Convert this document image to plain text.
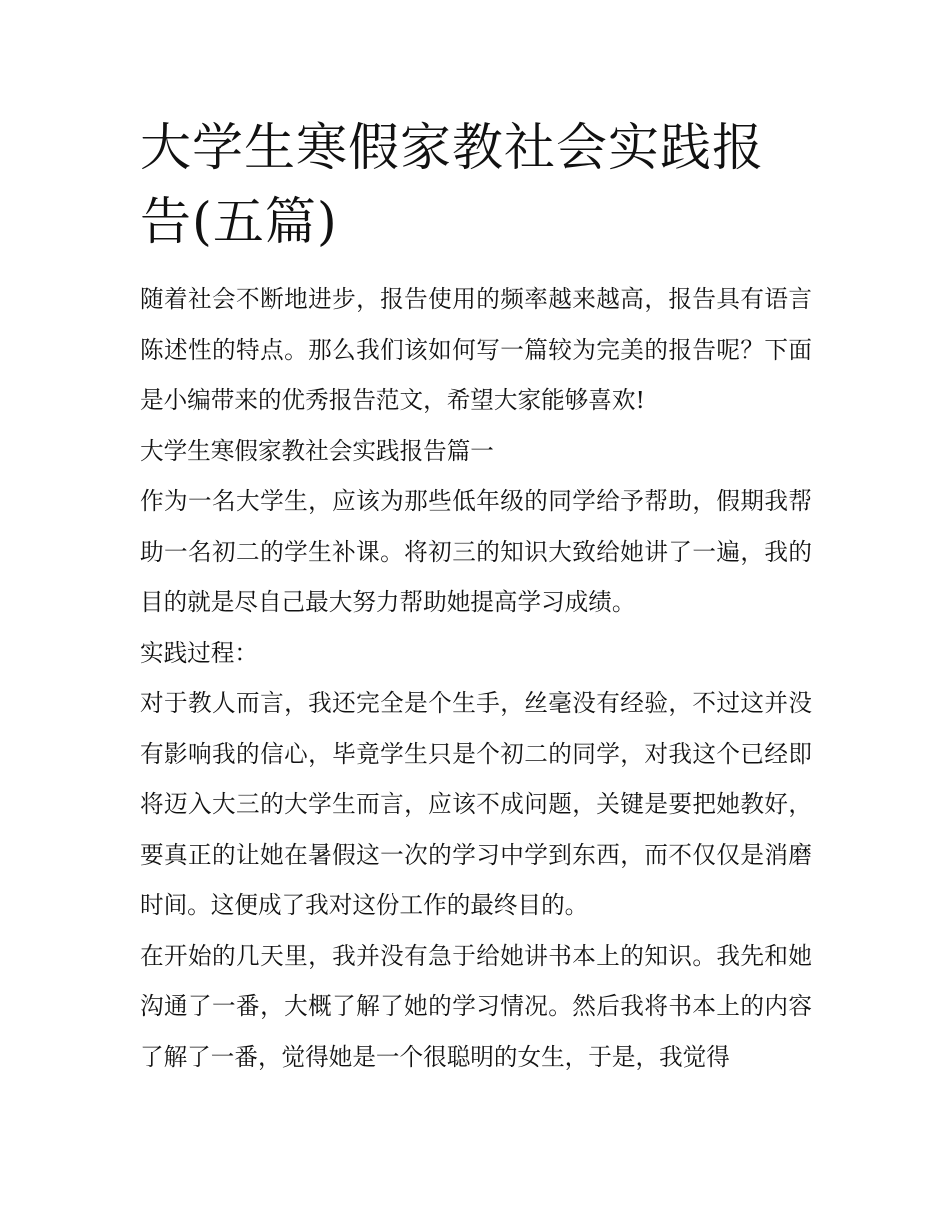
大学生寒假家教社会实践报告(五篇)

随着社会不断地进步，报告使用的频率越来越高，报告具有语言陈述性的特点。那么我们该如何写一篇较为完美的报告呢？下面是小编带来的优秀报告范文，希望大家能够喜欢!

大学生寒假家教社会实践报告篇一

作为一名大学生，应该为那些低年级的同学给予帮助，假期我帮助一名初二的学生补课。将初三的知识大致给她讲了一遍，我的目的就是尽自己最大努力帮助她提高学习成绩。

实践过程：

对于教人而言，我还完全是个生手，丝毫没有经验，不过这并没有影响我的信心，毕竟学生只是个初二的同学，对我这个已经即将迈入大三的大学生而言，应该不成问题，关键是要把她教好，要真正的让她在暑假这一次的学习中学到东西，而不仅仅是消磨时间。这便成了我对这份工作的最终目的。

在开始的几天里，我并没有急于给她讲书本上的知识。我先和她沟通了一番，大概了解了她的学习情况。然后我将书本上的内容了解了一番，觉得她是一个很聪明的女生，于是，我觉得
